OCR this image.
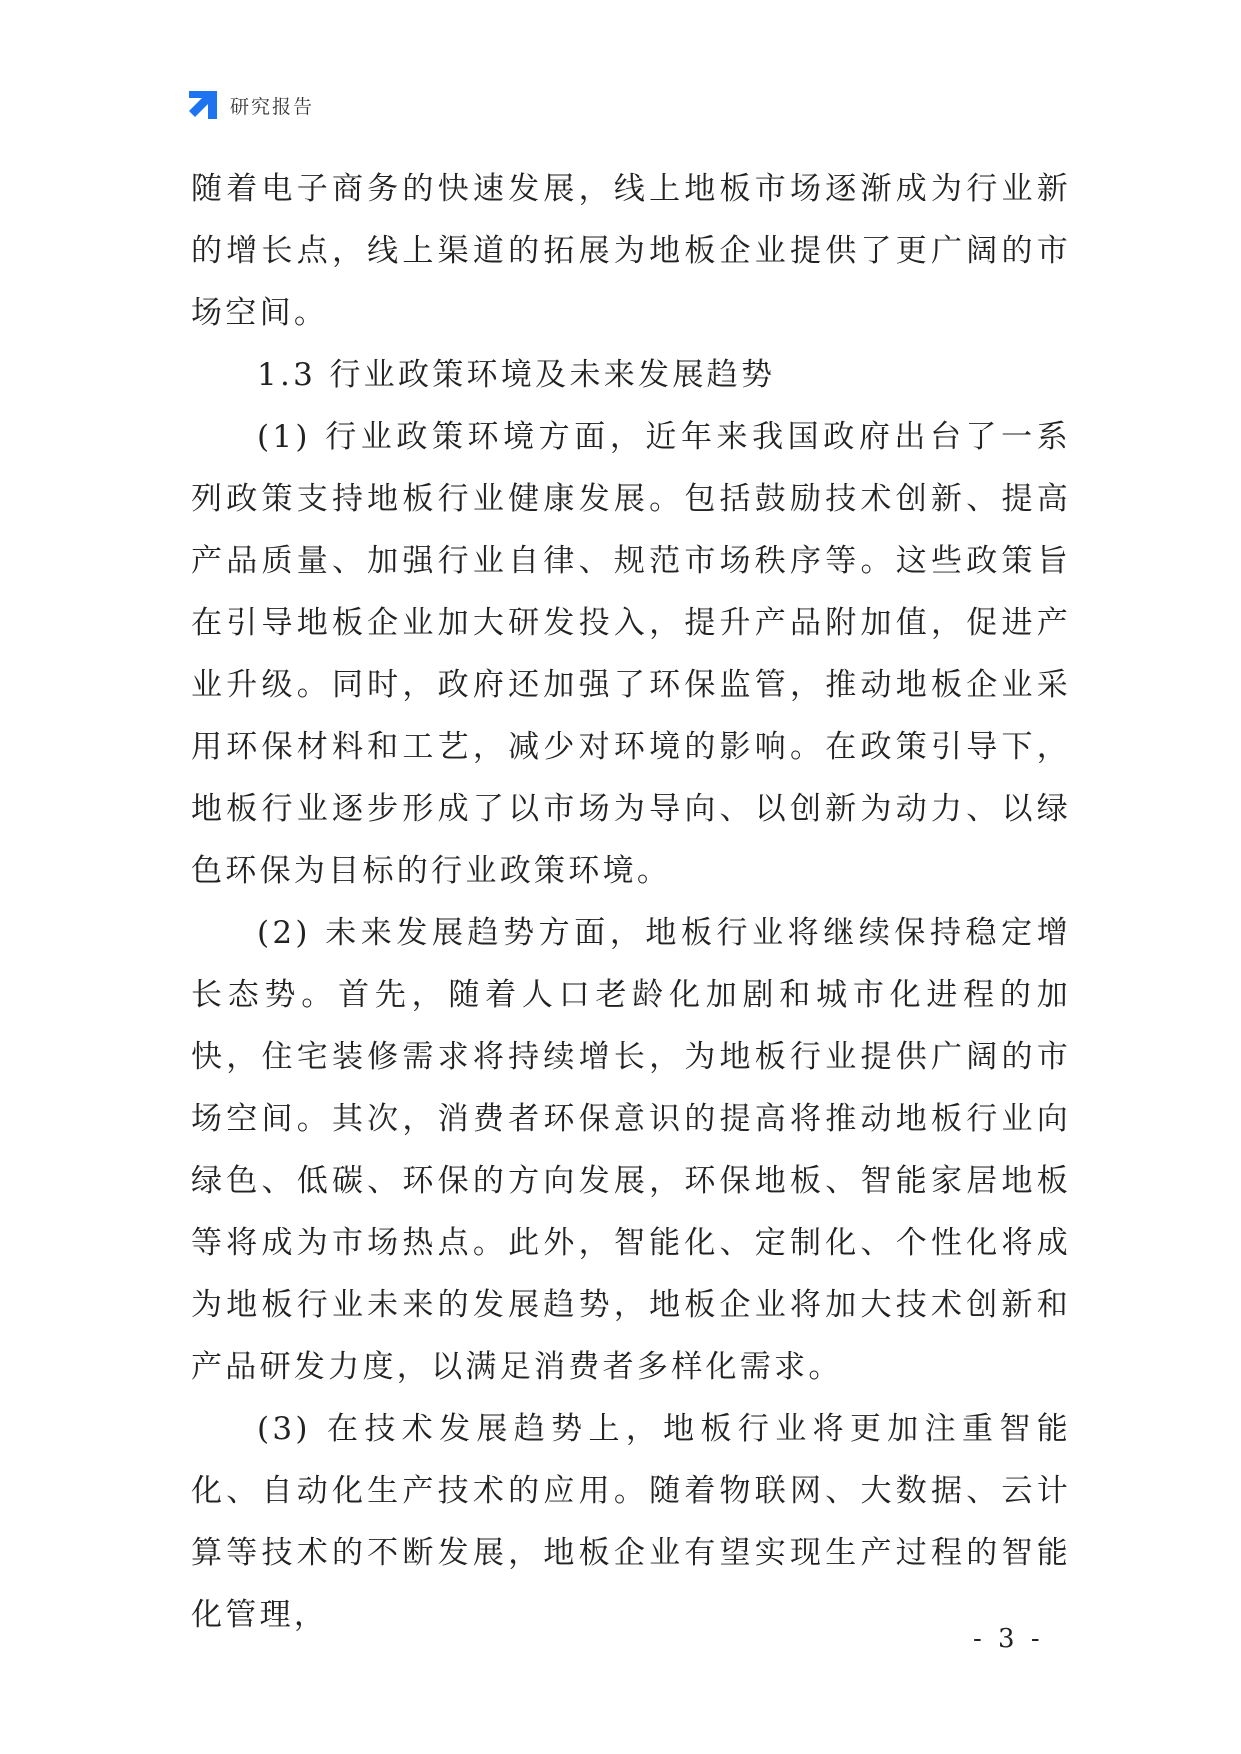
研究报告

随着电子商务的快速发展，线上地板市场逐渐成为行业新的增长点，线上渠道的拓展为地板企业提供了更广阔的市场空间。

1.3 行业政策环境及未来发展趋势

(1) 行业政策环境方面，近年来我国政府出台了一系列政策支持地板行业健康发展。包括鼓励技术创新、提高产品质量、加强行业自律、规范市场秩序等。这些政策旨在引导地板企业加大研发投入，提升产品附加值，促进产业升级。同时，政府还加强了环保监管，推动地板企业采用环保材料和工艺，减少对环境的影响。在政策引导下，地板行业逐步形成了以市场为导向、以创新为动力、以绿色环保为目标的行业政策环境。

(2) 未来发展趋势方面，地板行业将继续保持稳定增长态势。首先，随着人口老龄化加剧和城市化进程的加快，住宅装修需求将持续增长，为地板行业提供广阔的市场空间。其次，消费者环保意识的提高将推动地板行业向绿色、低碳、环保的方向发展，环保地板、智能家居地板等将成为市场热点。此外，智能化、定制化、个性化将成为地板行业未来的发展趋势，地板企业将加大技术创新和产品研发力度，以满足消费者多样化需求。

(3) 在技术发展趋势上，地板行业将更加注重智能化、自动化生产技术的应用。随着物联网、大数据、云计算等技术的不断发展，地板企业有望实现生产过程的智能化管理，

- 3 -
